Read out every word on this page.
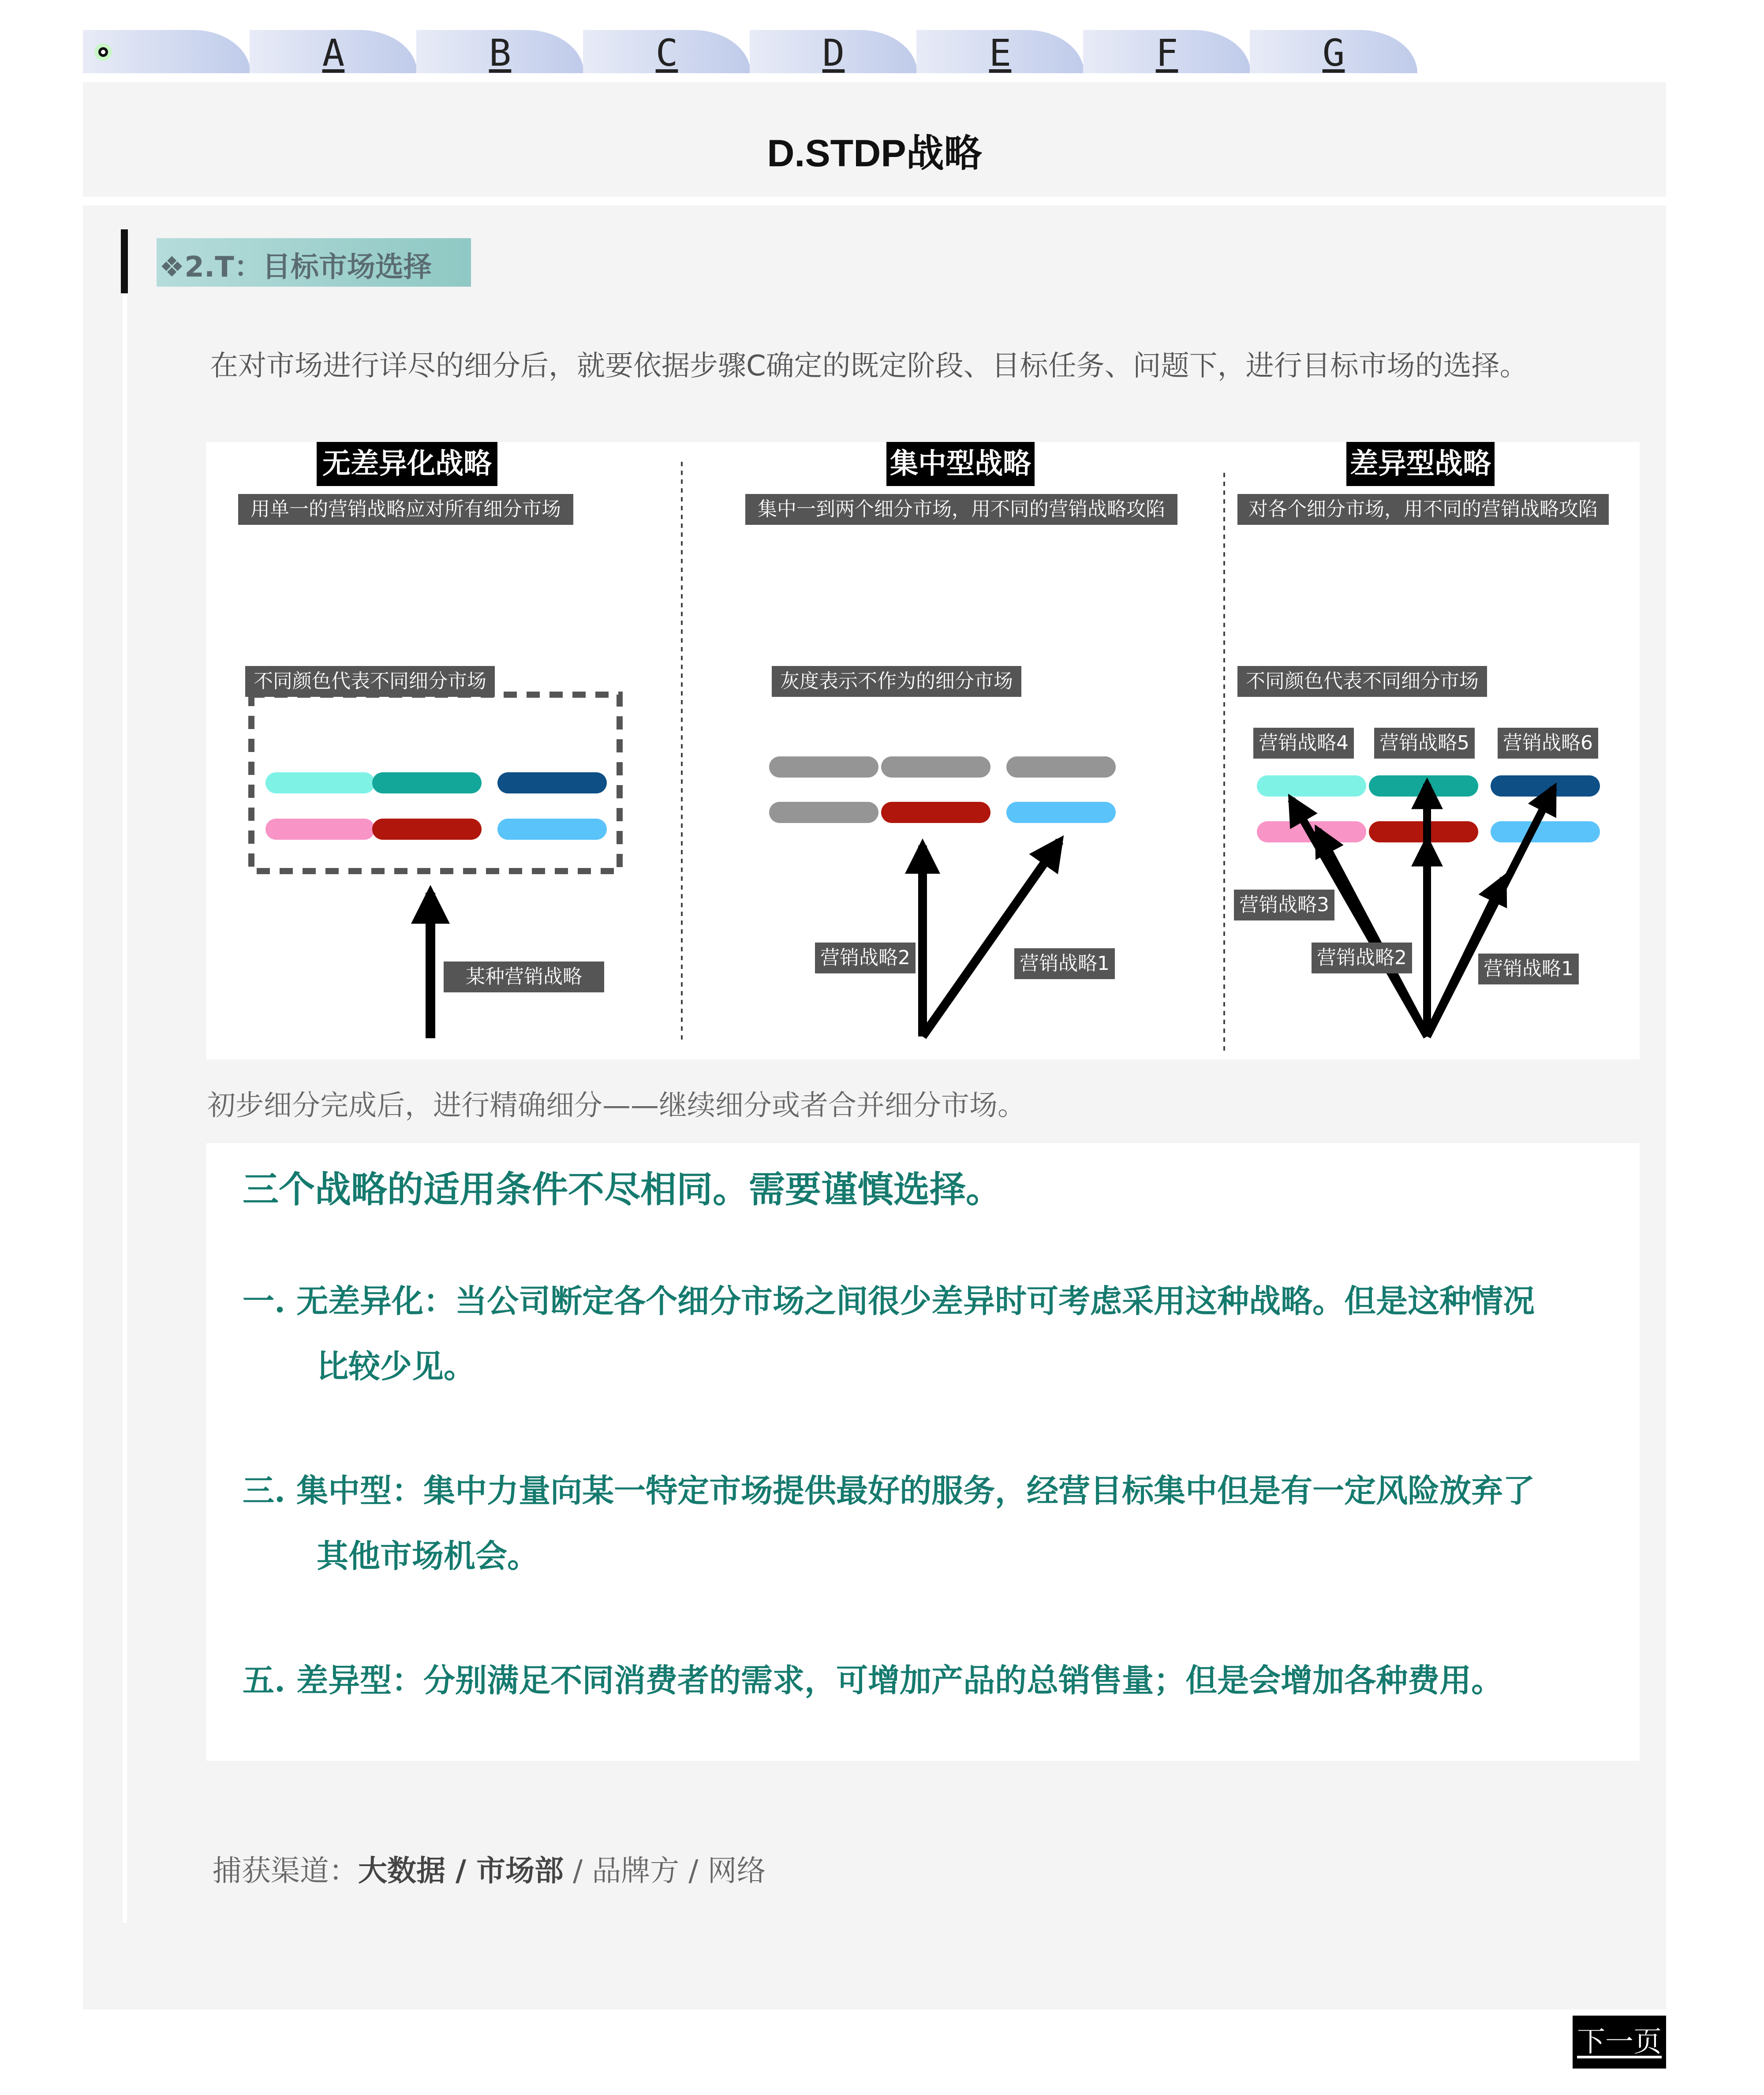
A	B	C	D	E	F	G
D.STDP战略
❖2.T：目标市场选择
在对市场进行详尽的细分后，就要依据步骤C确定的既定阶段、目标任务、问题下，进行目标市场的选择。
无差异化战略
用单一的营销战略应对所有细分市场
不同颜色代表不同细分市场
某种营销战略
集中型战略
集中一到两个细分市场，用不同的营销战略攻陷
灰度表示不作为的细分市场
营销战略2	营销战略1
差异型战略
对各个细分市场，用不同的营销战略攻陷
不同颜色代表不同细分市场
营销战略4 营销战略5 营销战略6
营销战略3
营销战略2	营销战略1
初步细分完成后，进行精确细分——继续细分或者合并细分市场。
三个战略的适用条件不尽相同。需要谨慎选择。
一. 无差异化：当公司断定各个细分市场之间很少差异时可考虑采用这种战略。但是这种情况
比较少见。
三. 集中型：集中力量向某一特定市场提供最好的服务，经营目标集中但是有一定风险放弃了
其他市场机会。
五. 差异型：分别满足不同消费者的需求，可增加产品的总销售量；但是会增加各种费用。
捕获渠道：大数据 / 市场部 / 品牌方 / 网络
下一页
